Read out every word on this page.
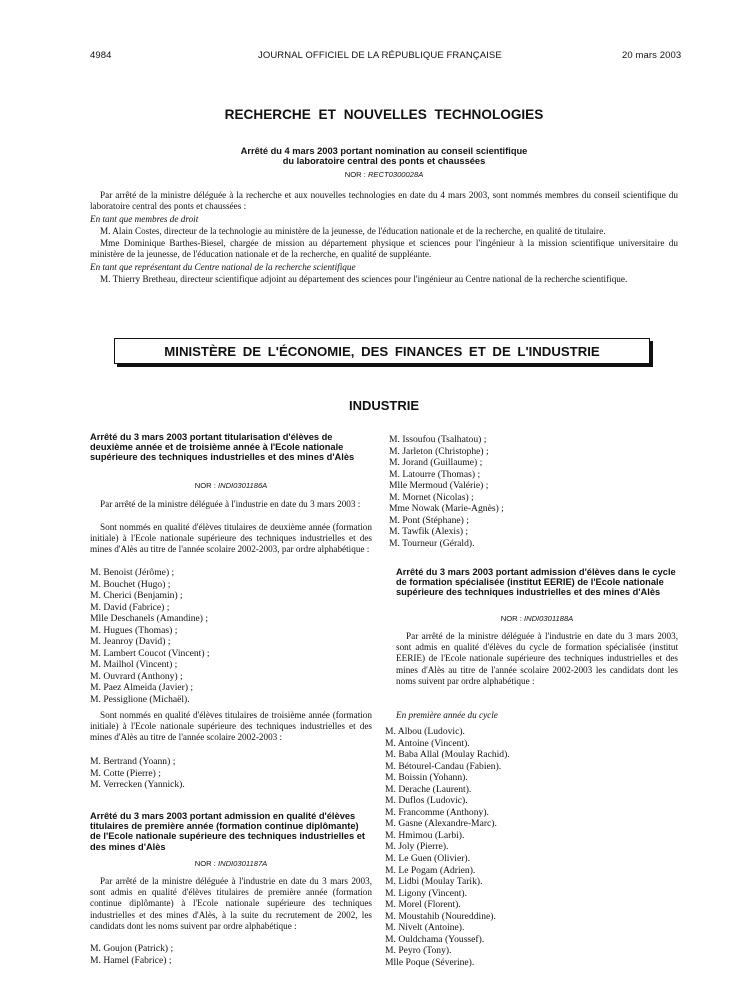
4984	JOURNAL OFFICIEL DE LA RÉPUBLIQUE FRANÇAISE	20 mars 2003
RECHERCHE ET NOUVELLES TECHNOLOGIES
Arrêté du 4 mars 2003 portant nomination au conseil scientifique
du laboratoire central des ponts et chaussées
NOR : RECT0300028A
Par arrêté de la ministre déléguée à la recherche et aux nouvelles technologies en date du 4 mars 2003, sont nommés membres du conseil scientifique du laboratoire central des ponts et chaussées :
En tant que membres de droit
M. Alain Costes, directeur de la technologie au ministère de la jeunesse, de l'éducation nationale et de la recherche, en qualité de titulaire.
Mme Dominique Barthes-Biesel, chargée de mission au département physique et sciences pour l'ingénieur à la mission scientifique universitaire du ministère de la jeunesse, de l'éducation nationale et de la recherche, en qualité de suppléante.
En tant que représentant du Centre national de la recherche scientifique
M. Thierry Bretheau, directeur scientifique adjoint au département des sciences pour l'ingénieur au Centre national de la recherche scientifique.
MINISTÈRE DE L'ÉCONOMIE, DES FINANCES ET DE L'INDUSTRIE
INDUSTRIE
Arrêté du 3 mars 2003 portant titularisation d'élèves de deuxième année et de troisième année à l'Ecole nationale supérieure des techniques industrielles et des mines d'Alès
NOR : INDI0301186A
Par arrêté de la ministre déléguée à l'industrie en date du 3 mars 2003 :
Sont nommés en qualité d'élèves titulaires de deuxième année (formation initiale) à l'Ecole nationale supérieure des techniques industrielles et des mines d'Alès au titre de l'année scolaire 2002-2003, par ordre alphabétique :
M. Benoist (Jérôme) ;
M. Bouchet (Hugo) ;
M. Cherici (Benjamin) ;
M. David (Fabrice) ;
Mlle Deschanels (Amandine) ;
M. Hugues (Thomas) ;
M. Jeanroy (David) ;
M. Lambert Coucot (Vincent) ;
M. Mailhol (Vincent) ;
M. Ouvrard (Anthony) ;
M. Paez Almeida (Javier) ;
M. Pessiglione (Michaël).
Sont nommés en qualité d'élèves titulaires de troisième année (formation initiale) à l'Ecole nationale supérieure des techniques industrielles et des mines d'Alès au titre de l'année scolaire 2002-2003 :
M. Bertrand (Yoann) ;
M. Cotte (Pierre) ;
M. Verrecken (Yannick).
Arrêté du 3 mars 2003 portant admission en qualité d'élèves titulaires de première année (formation continue diplômante) de l'Ecole nationale supérieure des techniques industrielles et des mines d'Alès
NOR : INDI0301187A
Par arrêté de la ministre déléguée à l'industrie en date du 3 mars 2003, sont admis en qualité d'élèves titulaires de première année (formation continue diplômante) à l'Ecole nationale supérieure des techniques industrielles et des mines d'Alès, à la suite du recrutement de 2002, les candidats dont les noms suivent par ordre alphabétique :
M. Goujon (Patrick) ;
M. Hamel (Fabrice) ;
M. Issoufou (Tsalhatou) ;
M. Jarleton (Christophe) ;
M. Jorand (Guillaume) ;
M. Latourre (Thomas) ;
Mlle Mermoud (Valérie) ;
M. Mornet (Nicolas) ;
Mme Nowak (Marie-Agnès) ;
M. Pont (Stéphane) ;
M. Tawfik (Alexis) ;
M. Tourneur (Gérald).
Arrêté du 3 mars 2003 portant admission d'élèves dans le cycle de formation spécialisée (institut EERIE) de l'Ecole nationale supérieure des techniques industrielles et des mines d'Alès
NOR : INDI0301188A
Par arrêté de la ministre déléguée à l'industrie en date du 3 mars 2003, sont admis en qualité d'élèves du cycle de formation spécialisée (institut EERIE) de l'Ecole nationale supérieure des techniques industrielles et des mines d'Alès au titre de l'année scolaire 2002-2003 les candidats dont les noms suivent par ordre alphabétique :
En première année du cycle
M. Albou (Ludovic).
M. Antoine (Vincent).
M. Baba Allal (Moulay Rachid).
M. Bétourel-Candau (Fabien).
M. Boissin (Yohann).
M. Derache (Laurent).
M. Duflos (Ludovic).
M. Francomme (Anthony).
M. Gasne (Alexandre-Marc).
M. Hmimou (Larbi).
M. Joly (Pierre).
M. Le Guen (Olivier).
M. Le Pogam (Adrien).
M. Lidbi (Moulay Tarik).
M. Ligony (Vincent).
M. Morel (Florent).
M. Moustahib (Noureddine).
M. Nivelt (Antoine).
M. Ouldchama (Youssef).
M. Peyro (Tony).
Mlle Poque (Séverine).
